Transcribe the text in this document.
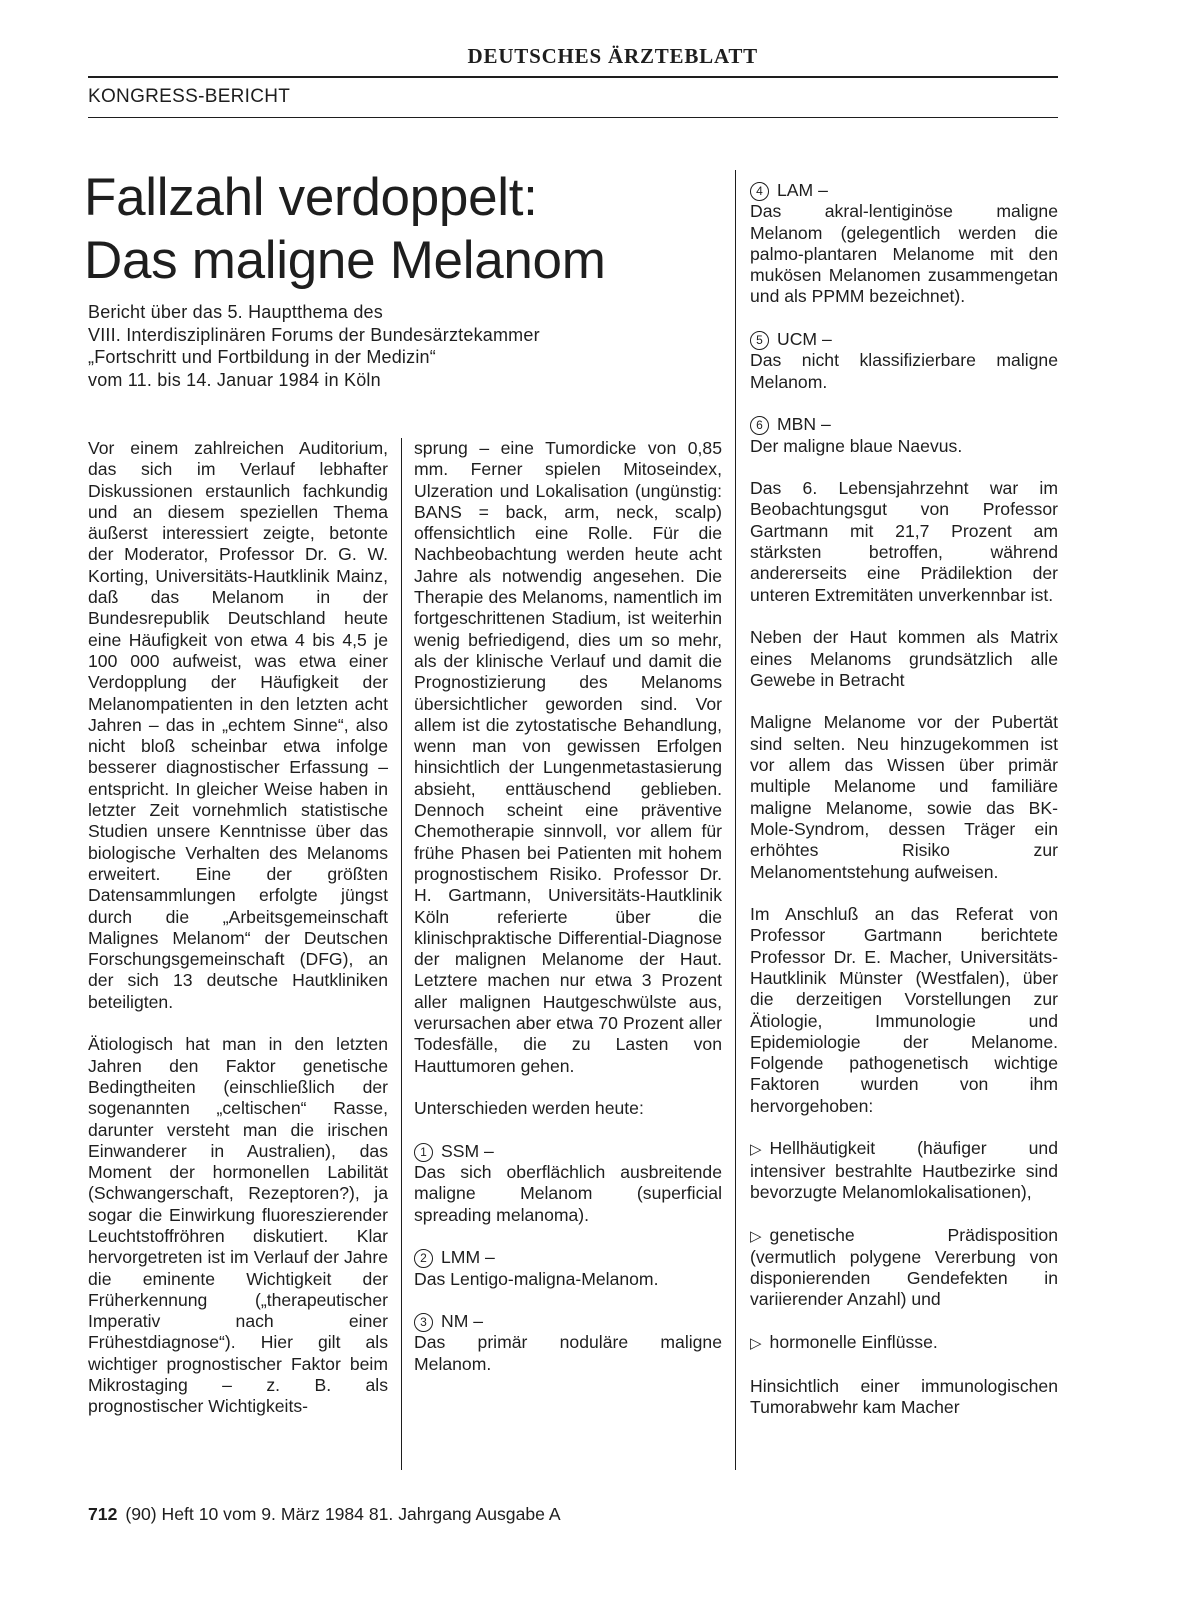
DEUTSCHES ÄRZTEBLATT
KONGRESS-BERICHT
Fallzahl verdoppelt:
Das maligne Melanom
Bericht über das 5. Hauptthema des
VIII. Interdisziplinären Forums der Bundesärztekammer
„Fortschritt und Fortbildung in der Medizin“
vom 11. bis 14. Januar 1984 in Köln

Vor einem zahlreichen Auditorium, das sich im Verlauf lebhafter Diskussionen erstaunlich fachkundig und an diesem speziellen Thema äußerst interessiert zeigte, betonte der Moderator, Professor Dr. G. W. Korting, Universitäts-Hautklinik Mainz, daß das Melanom in der Bundesrepublik Deutschland heute eine Häufigkeit von etwa 4 bis 4,5 je 100 000 aufweist, was etwa einer Verdopplung der Häufigkeit der Melanompatienten in den letzten acht Jahren – das in „echtem Sinne“, also nicht bloß scheinbar etwa infolge besserer diagnostischer Erfassung – entspricht. In gleicher Weise haben in letzter Zeit vornehmlich statistische Studien unsere Kenntnisse über das biologische Verhalten des Melanoms erweitert. Eine der größten Datensammlungen erfolgte jüngst durch die „Arbeitsgemeinschaft Malignes Melanom“ der Deutschen Forschungsgemeinschaft (DFG), an der sich 13 deutsche Hautkliniken beteiligten.

Ätiologisch hat man in den letzten Jahren den Faktor genetische Bedingtheiten (einschließlich der sogenannten „celtischen“ Rasse, darunter versteht man die irischen Einwanderer in Australien), das Moment der hormonellen Labilität (Schwangerschaft, Rezeptoren?), ja sogar die Einwirkung fluoreszierender Leuchtstoffröhren diskutiert. Klar hervorgetreten ist im Verlauf der Jahre die eminente Wichtigkeit der Früherkennung („therapeutischer Imperativ nach einer Frühestdiagnose“). Hier gilt als wichtiger prognostischer Faktor beim Mikrostaging – z. B. als prognostischer Wichtigkeits-

sprung – eine Tumordicke von 0,85 mm. Ferner spielen Mitoseindex, Ulzeration und Lokalisation (ungünstig: BANS = back, arm, neck, scalp) offensichtlich eine Rolle. Für die Nachbeobachtung werden heute acht Jahre als notwendig angesehen. Die Therapie des Melanoms, namentlich im fortgeschrittenen Stadium, ist weiterhin wenig befriedigend, dies um so mehr, als der klinische Verlauf und damit die Prognostizierung des Melanoms übersichtlicher geworden sind. Vor allem ist die zytostatische Behandlung, wenn man von gewissen Erfolgen hinsichtlich der Lungenmetastasierung absieht, enttäuschend geblieben. Dennoch scheint eine präventive Chemotherapie sinnvoll, vor allem für frühe Phasen bei Patienten mit hohem prognostischem Risiko. Professor Dr. H. Gartmann, Universitäts-Hautklinik Köln referierte über die klinischpraktische Differential-Diagnose der malignen Melanome der Haut. Letztere machen nur etwa 3 Prozent aller malignen Hautgeschwülste aus, verursachen aber etwa 70 Prozent aller Todesfälle, die zu Lasten von Hauttumoren gehen.

Unterschieden werden heute:

1 SSM –
Das sich oberflächlich ausbreitende maligne Melanom (superficial spreading melanoma).
2 LMM –
Das Lentigo-maligna-Melanom.
3 NM –
Das primär noduläre maligne Melanom.
4 LAM –
Das akral-lentiginöse maligne Melanom (gelegentlich werden die palmo-plantaren Melanome mit den mukösen Melanomen zusammengetan und als PPMM bezeichnet).
5 UCM –
Das nicht klassifizierbare maligne Melanom.
6 MBN –
Der maligne blaue Naevus.

Das 6. Lebensjahrzehnt war im Beobachtungsgut von Professor Gartmann mit 21,7 Prozent am stärksten betroffen, während andererseits eine Prädilektion der unteren Extremitäten unverkennbar ist.

Neben der Haut kommen als Matrix eines Melanoms grundsätzlich alle Gewebe in Betracht

Maligne Melanome vor der Pubertät sind selten. Neu hinzugekommen ist vor allem das Wissen über primär multiple Melanome und familiäre maligne Melanome, sowie das BK-Mole-Syndrom, dessen Träger ein erhöhtes Risiko zur Melanomentstehung aufweisen.

Im Anschluß an das Referat von Professor Gartmann berichtete Professor Dr. E. Macher, Universitäts-Hautklinik Münster (Westfalen), über die derzeitigen Vorstellungen zur Ätiologie, Immunologie und Epidemiologie der Melanome. Folgende pathogenetisch wichtige Faktoren wurden von ihm hervorgehoben:

▷ Hellhäutigkeit (häufiger und intensiver bestrahlte Hautbezirke sind bevorzugte Melanomlokalisationen),

▷ genetische Prädisposition (vermutlich polygene Vererbung von disponierenden Gendefekten in variierender Anzahl) und

▷ hormonelle Einflüsse.

Hinsichtlich einer immunologischen Tumorabwehr kam Macher

712 (90) Heft 10 vom 9. März 1984 81. Jahrgang Ausgabe A
